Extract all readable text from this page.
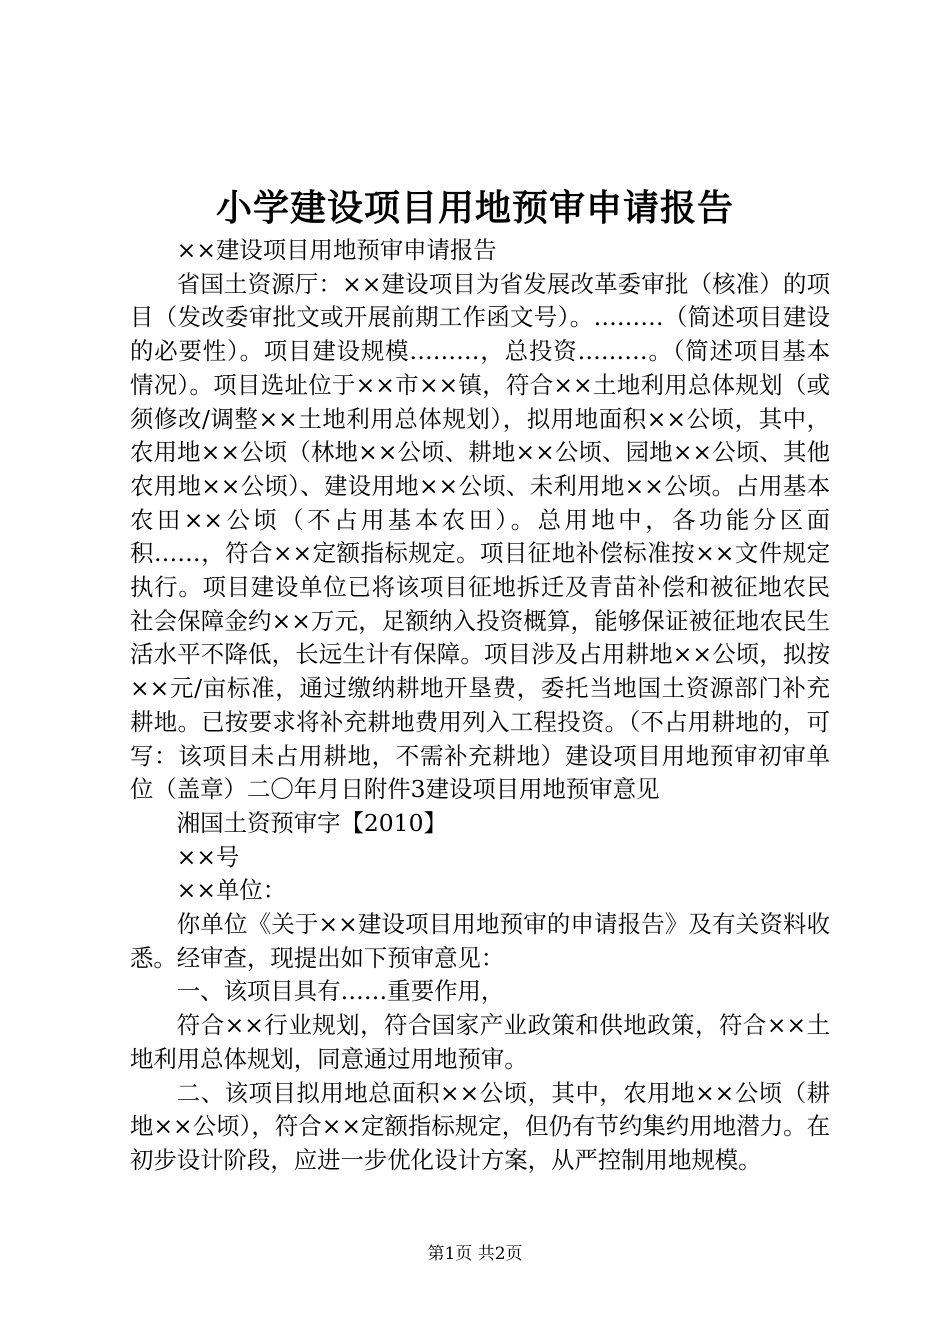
小学建设项目用地预审申请报告

××建设项目用地预审申请报告

省国土资源厅：××建设项目为省发展改革委审批（核准）的项目（发改委审批文或开展前期工作函文号）。………（简述项目建设的必要性）。项目建设规模………，总投资………。（简述项目基本情况）。项目选址位于××市××镇，符合××土地利用总体规划（或须修改/调整××土地利用总体规划），拟用地面积××公顷，其中，农用地××公顷（林地××公顷、耕地××公顷、园地××公顷、其他农用地××公顷）、建设用地××公顷、未利用地××公顷。占用基本农田××公顷（不占用基本农田）。总用地中，各功能分区面积……，符合××定额指标规定。项目征地补偿标准按××文件规定执行。项目建设单位已将该项目征地拆迁及青苗补偿和被征地农民社会保障金约××万元，足额纳入投资概算，能够保证被征地农民生活水平不降低，长远生计有保障。项目涉及占用耕地××公顷，拟按××元/亩标准，通过缴纳耕地开垦费，委托当地国土资源部门补充耕地。已按要求将补充耕地费用列入工程投资。（不占用耕地的，可写：该项目未占用耕地，不需补充耕地）建设项目用地预审初审单位（盖章）二〇年月日附件3建设项目用地预审意见

湘国土资预审字【2010】

××号

××单位：

你单位《关于××建设项目用地预审的申请报告》及有关资料收悉。经审查，现提出如下预审意见：

一、该项目具有……重要作用，

符合××行业规划，符合国家产业政策和供地政策，符合××土地利用总体规划，同意通过用地预审。

二、该项目拟用地总面积××公顷，其中，农用地××公顷（耕地××公顷），符合××定额指标规定，但仍有节约集约用地潜力。在初步设计阶段，应进一步优化设计方案，从严控制用地规模。

第1页 共2页
